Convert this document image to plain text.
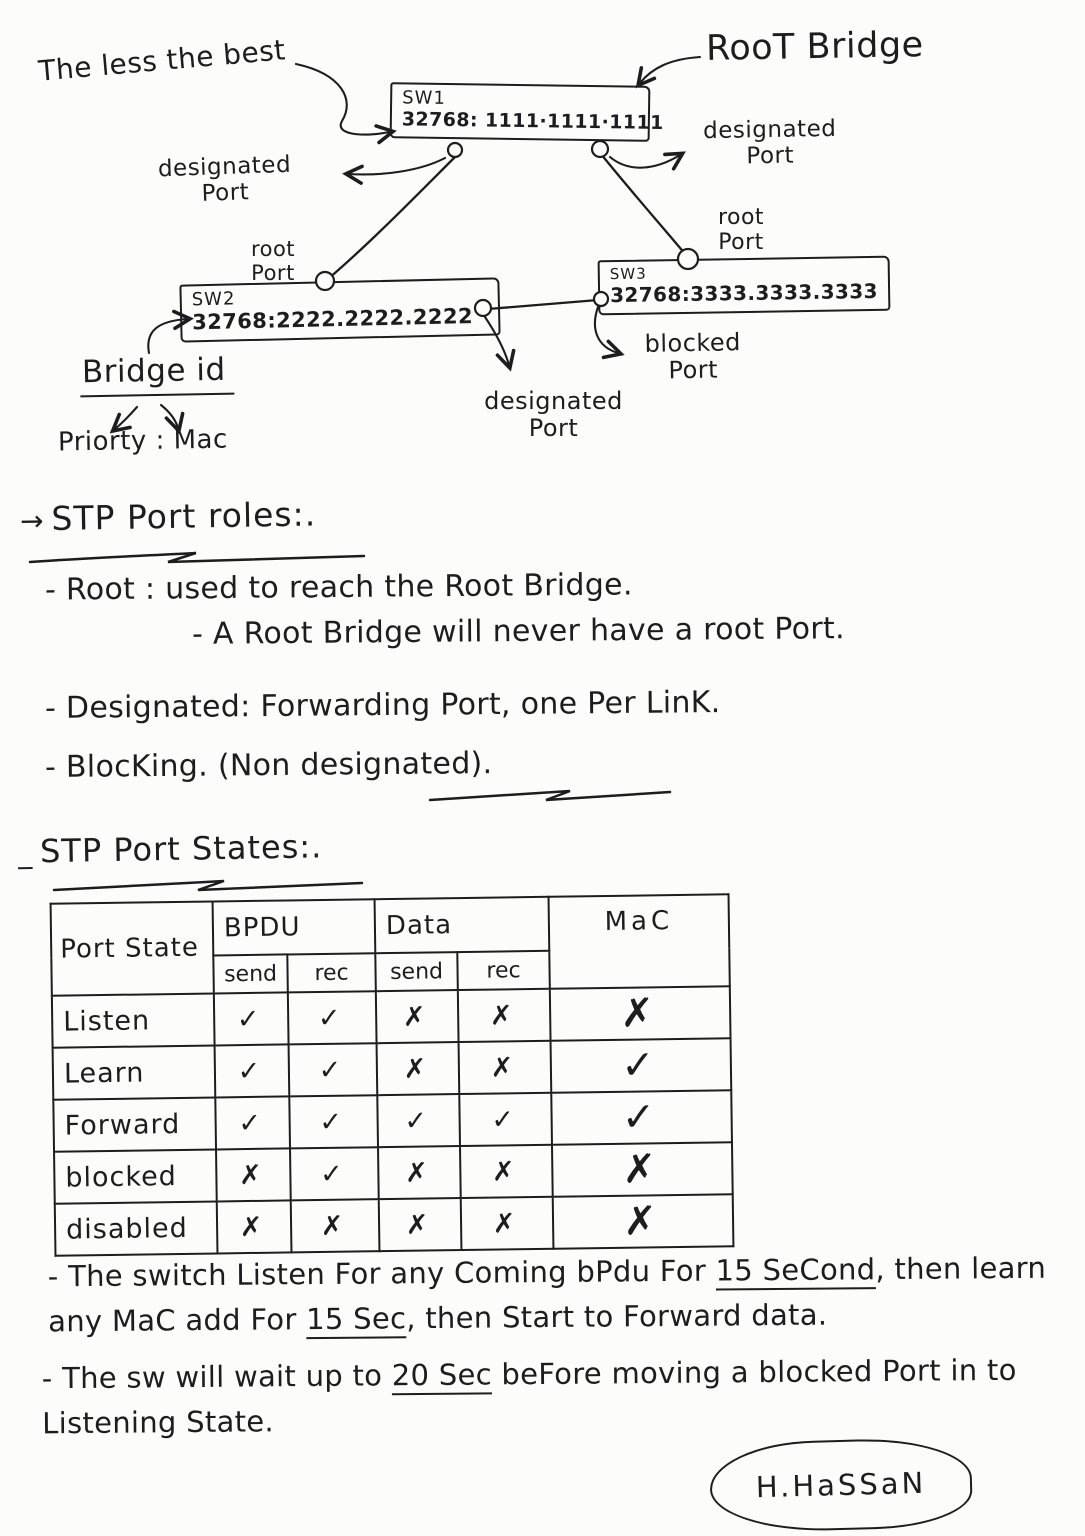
SW1
32768: 1111·1111·1111
SW2
32768:2222.2222.2222
SW3
32768:3333.3333.3333
The less the best	RooT Bridge
designated Port
designated Port
root Port
root Port
blocked Port
designated Port
Bridge id
Priorty : Mac
→ STP Port roles:.
- Root : used to reach the Root Bridge.
- A Root Bridge will never have a root Port.
- Designated: Forwarding Port, one Per LinK.
- BlocKing. (Non designated).
_ STP Port States:.
Port State	BPDU		Data		MaC
	send	rec	send	rec	
Listen	✓	✓	✗	✗	✗
Learn	✓	✓	✗	✗	✓
Forward	✓	✓	✓	✓	✓
blocked	✗	✓	✗	✗	✗
disabled	✗	✗	✗	✗	✗
- The switch Listen For any Coming bPdu For 15 SeCond, then learn any MaC add For 15 Sec, then Start to Forward data.
- The sw will wait up to 20 Sec beFore moving a blocked Port in to Listening State.
H.HaSSaN
